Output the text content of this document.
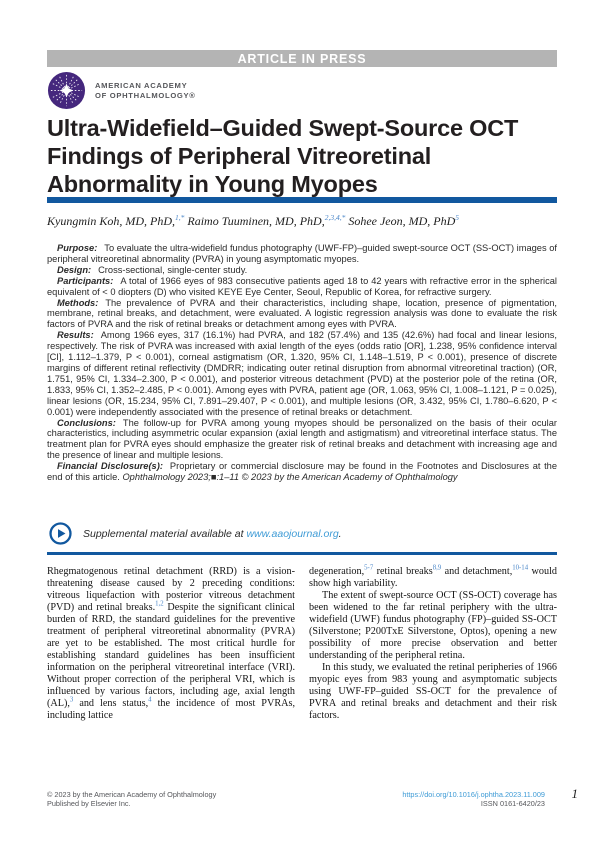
ARTICLE IN PRESS
AMERICAN ACADEMY
OF OPHTHALMOLOGY®
Ultra-Widefield–Guided Swept-Source OCT
Findings of Peripheral Vitreoretinal
Abnormality in Young Myopes
Kyungmin Koh, MD, PhD,$^{1,*}$ Raimo Tuuminen, MD, PhD,$^{2,3,4,*}$ Sohee Jeon, MD, PhD$^5$

Purpose: To evaluate the ultra-widefield fundus photography (UWF-FP)–guided swept-source OCT (SS-OCT) images of peripheral vitreoretinal abnormality (PVRA) in young asymptomatic myopes.

Design: Cross-sectional, single-center study.

Participants: A total of 1966 eyes of 983 consecutive patients aged 18 to 42 years with refractive error in the spherical equivalent of < 0 diopters (D) who visited KEYE Eye Center, Seoul, Republic of Korea, for refractive surgery.

Methods: The prevalence of PVRA and their characteristics, including shape, location, presence of pigmentation, membrane, retinal breaks, and detachment, were evaluated. A logistic regression analysis was done to evaluate the risk factors of PVRA and the risk of retinal breaks or detachment among eyes with PVRA.

Results: Among 1966 eyes, 317 (16.1%) had PVRA, and 182 (57.4%) and 135 (42.6%) had focal and linear lesions, respectively. The risk of PVRA was increased with axial length of the eyes (odds ratio [OR], 1.238, 95% confidence interval [CI], 1.112–1.379, P < 0.001), corneal astigmatism (OR, 1.320, 95% CI, 1.148–1.519, P < 0.001), presence of discrete margins of different retinal reflectivity (DMDRR; indicating outer retinal disruption from abnormal vitreoretinal traction) (OR, 1.751, 95% CI, 1.334–2.300, P < 0.001), and posterior vitreous detachment (PVD) at the posterior pole of the retina (OR, 1.833, 95% CI, 1.352–2.485, P < 0.001). Among eyes with PVRA, patient age (OR, 1.063, 95% CI, 1.008–1.121, P = 0.025), linear lesions (OR, 15.234, 95% CI, 7.891–29.407, P < 0.001), and multiple lesions (OR, 3.432, 95% CI, 1.780–6.620, P < 0.001) were independently associated with the presence of retinal breaks or detachment.

Conclusions: The follow-up for PVRA among young myopes should be personalized on the basis of their ocular characteristics, including asymmetric ocular expansion (axial length and astigmatism) and vitreoretinal interface status. The treatment plan for PVRA eyes should emphasize the greater risk of retinal breaks and detachment with increasing age and the presence of linear and multiple lesions.

Financial Disclosure(s): Proprietary or commercial disclosure may be found in the Footnotes and Disclosures at the end of this article. Ophthalmology 2023;■:1–11 © 2023 by the American Academy of Ophthalmology

Supplemental material available at www.aaojournal.org.

Rhegmatogenous retinal detachment (RRD) is a vision-threatening disease caused by 2 preceding conditions: vitreous liquefaction with posterior vitreous detachment (PVD) and retinal breaks.$^{1,2}$ Despite the significant clinical burden of RRD, the standard guidelines for the preventive treatment of peripheral vitreoretinal abnormality (PVRA) are yet to be established. The most critical hurdle for establishing standard guidelines has been insufficient information on the peripheral vitreoretinal interface (VRI). Without proper correction of the peripheral VRI, which is influenced by various factors, including age, axial length (AL),$^3$ and lens status,$^4$ the incidence of most PVRAs, including lattice

degeneration,$^{5-7}$ retinal breaks$^{8,9}$ and detachment,$^{10-14}$ would show high variability.

The extent of swept-source OCT (SS-OCT) coverage has been widened to the far retinal periphery with the ultra-widefield (UWF) fundus photography (FP)–guided SS-OCT (Silverstone; P200TxE Silverstone, Optos), opening a new possibility of more precise observation and better understanding of the peripheral retina.

In this study, we evaluated the retinal peripheries of 1966 myopic eyes from 983 young and asymptomatic subjects using UWF-FP–guided SS-OCT for the prevalence of PVRA and retinal breaks and detachment and their risk factors.

© 2023 by the American Academy of Ophthalmology
Published by Elsevier Inc.
https://doi.org/10.1016/j.ophtha.2023.11.009
ISSN 0161-6420/23
1
